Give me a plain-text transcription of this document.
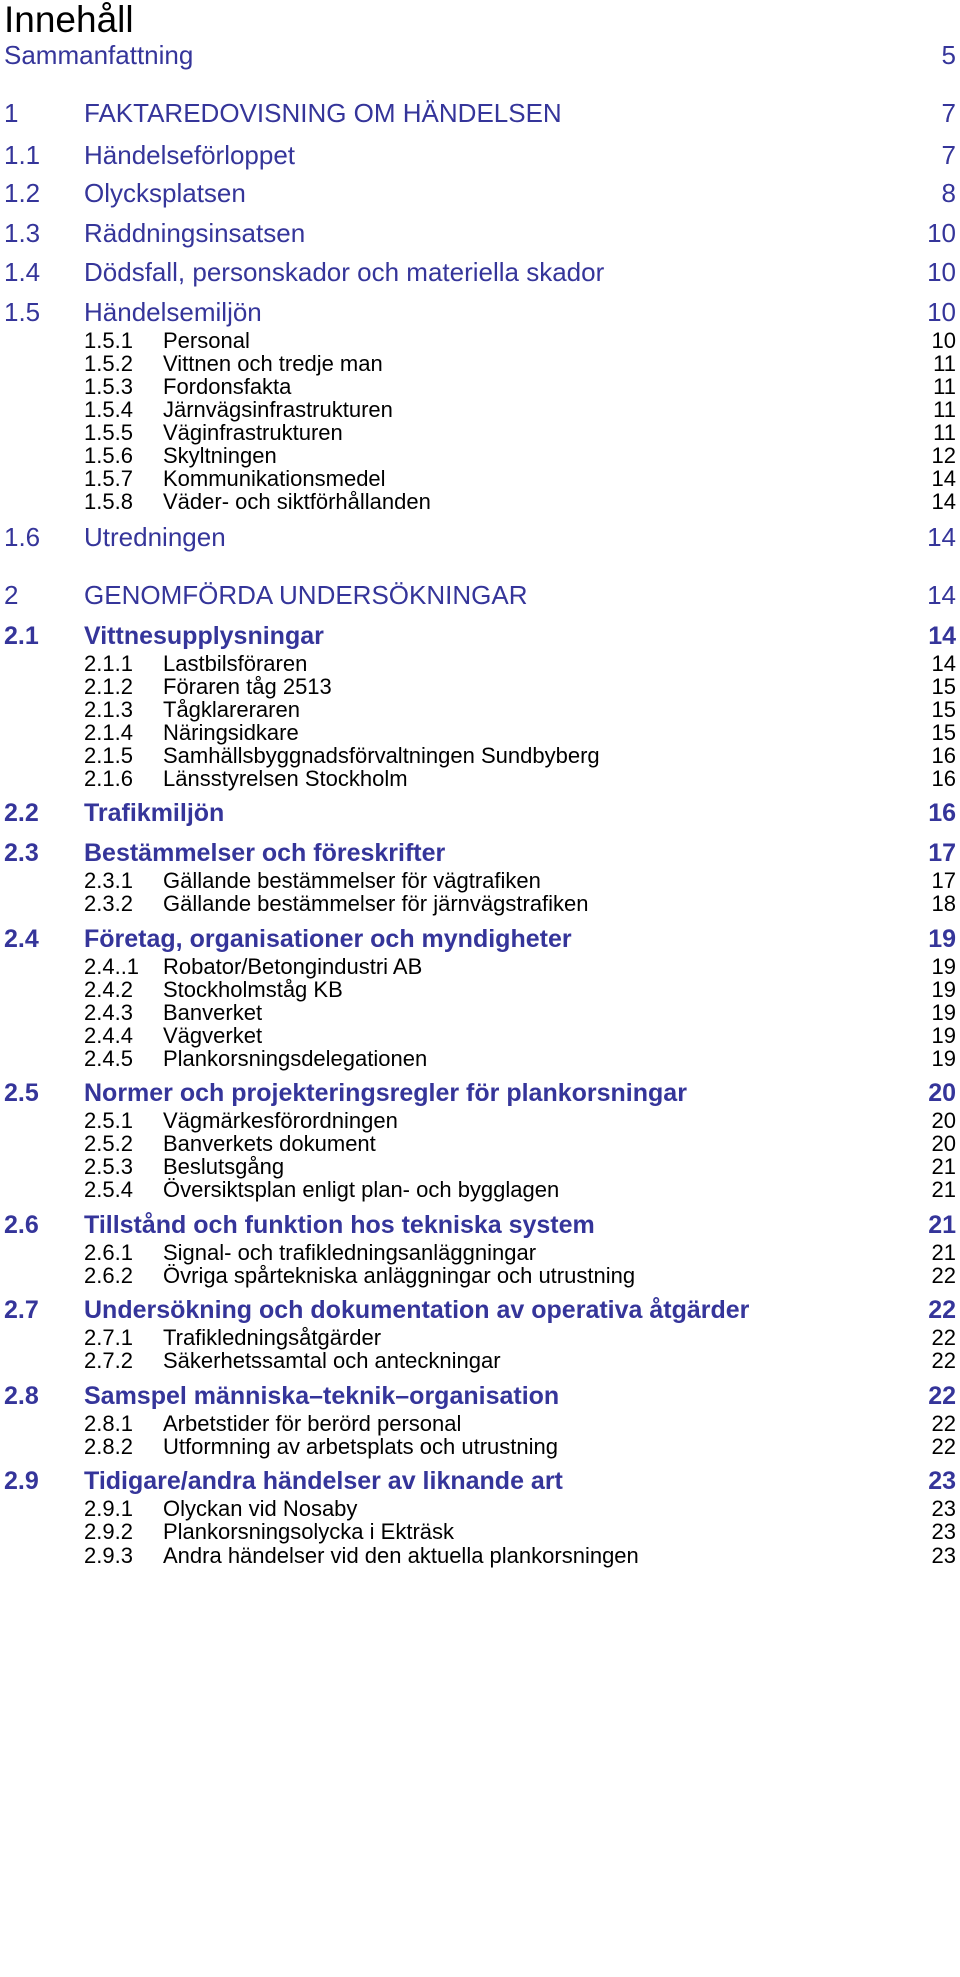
Innehåll
Sammanfattning	5
1	FAKTAREDOVISNING OM HÄNDELSEN	7
1.1 Händelseförloppet	7
1.2 Olycksplatsen	8
1.3 Räddningsinsatsen	10
1.4 Dödsfall, personskador och materiella skador	10
1.5 Händelsemiljön	10
1.5.1 Personal	10
1.5.2 Vittnen och tredje man	11
1.5.3 Fordonsfakta	11
1.5.4 Järnvägsinfrastrukturen	11
1.5.5 Väginfrastrukturen	11
1.5.6 Skyltningen	12
1.5.7 Kommunikationsmedel	14
1.5.8 Väder- och siktförhållanden	14
1.6 Utredningen	14
2	GENOMFÖRDA UNDERSÖKNINGAR	14
2.1 Vittnesupplysningar	14
2.1.1 Lastbilsföraren	14
2.1.2 Föraren tåg 2513	15
2.1.3 Tågklareraren	15
2.1.4 Näringsidkare	15
2.1.5 Samhällsbyggnadsförvaltningen Sundbyberg	16
2.1.6 Länsstyrelsen Stockholm	16
2.2 Trafikmiljön	16
2.3 Bestämmelser och föreskrifter	17
2.3.1 Gällande bestämmelser för vägtrafiken	17
2.3.2 Gällande bestämmelser för järnvägstrafiken	18
2.4 Företag, organisationer och myndigheter	19
2.4..1 Robator/Betongindustri AB	19
2.4.2 Stockholmståg KB	19
2.4.3 Banverket	19
2.4.4 Vägverket	19
2.4.5 Plankorsningsdelegationen	19
2.5 Normer och projekteringsregler för plankorsningar	20
2.5.1 Vägmärkesförordningen	20
2.5.2 Banverkets dokument	20
2.5.3 Beslutsgång	21
2.5.4 Översiktsplan enligt plan- och bygglagen	21
2.6 Tillstånd och funktion hos tekniska system	21
2.6.1 Signal- och trafikledningsanläggningar	21
2.6.2 Övriga spårtekniska anläggningar och utrustning	22
2.7 Undersökning och dokumentation av operativa åtgärder	22
2.7.1 Trafikledningsåtgärder	22
2.7.2 Säkerhetssamtal och anteckningar	22
2.8 Samspel människa–teknik–organisation	22
2.8.1 Arbetstider för berörd personal	22
2.8.2 Utformning av arbetsplats och utrustning	22
2.9 Tidigare/andra händelser av liknande art	23
2.9.1 Olyckan vid Nosaby	23
2.9.2 Plankorsningsolycka i Ekträsk	23
2.9.3 Andra händelser vid den aktuella plankorsningen	23
